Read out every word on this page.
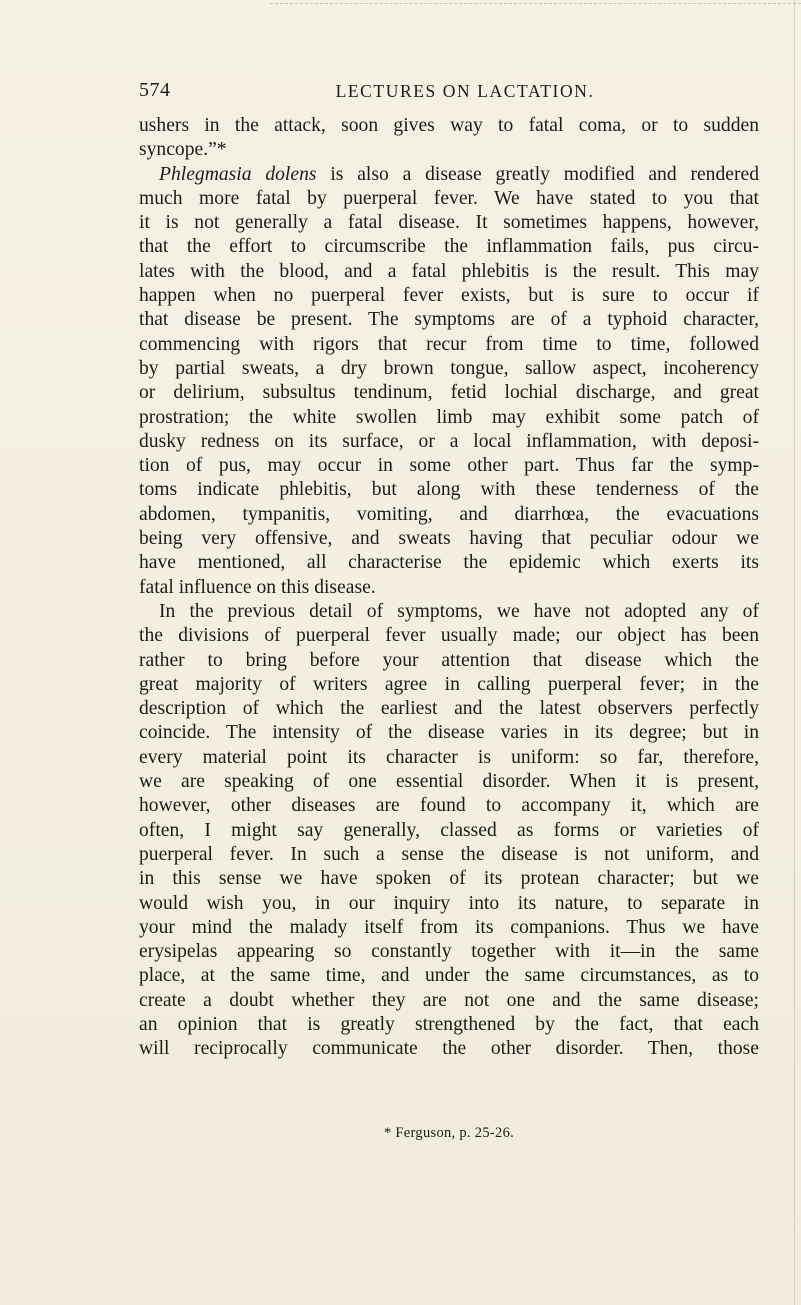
574	LECTURES ON LACTATION.
ushers in the attack, soon gives way to fatal coma, or to sudden
syncope.”*
Phlegmasia dolens is also a disease greatly modified and rendered
much more fatal by puerperal fever. We have stated to you that
it is not generally a fatal disease. It sometimes happens, however,
that the effort to circumscribe the inflammation fails, pus circu-
lates with the blood, and a fatal phlebitis is the result. This may
happen when no puerperal fever exists, but is sure to occur if
that disease be present. The symptoms are of a typhoid character,
commencing with rigors that recur from time to time, followed
by partial sweats, a dry brown tongue, sallow aspect, incoherency
or delirium, subsultus tendinum, fetid lochial discharge, and great
prostration; the white swollen limb may exhibit some patch of
dusky redness on its surface, or a local inflammation, with deposi-
tion of pus, may occur in some other part. Thus far the symp-
toms indicate phlebitis, but along with these tenderness of the
abdomen, tympanitis, vomiting, and diarrhœa, the evacuations
being very offensive, and sweats having that peculiar odour we
have mentioned, all characterise the epidemic which exerts its
fatal influence on this disease.
In the previous detail of symptoms, we have not adopted any of
the divisions of puerperal fever usually made; our object has been
rather to bring before your attention that disease which the
great majority of writers agree in calling puerperal fever; in the
description of which the earliest and the latest observers perfectly
coincide. The intensity of the disease varies in its degree; but in
every material point its character is uniform: so far, therefore,
we are speaking of one essential disorder. When it is present,
however, other diseases are found to accompany it, which are
often, I might say generally, classed as forms or varieties of
puerperal fever. In such a sense the disease is not uniform, and
in this sense we have spoken of its protean character; but we
would wish you, in our inquiry into its nature, to separate in
your mind the malady itself from its companions. Thus we have
erysipelas appearing so constantly together with it—in the same
place, at the same time, and under the same circumstances, as to
create a doubt whether they are not one and the same disease;
an opinion that is greatly strengthened by the fact, that each
will reciprocally communicate the other disorder. Then, those
* Ferguson, p. 25-26.
